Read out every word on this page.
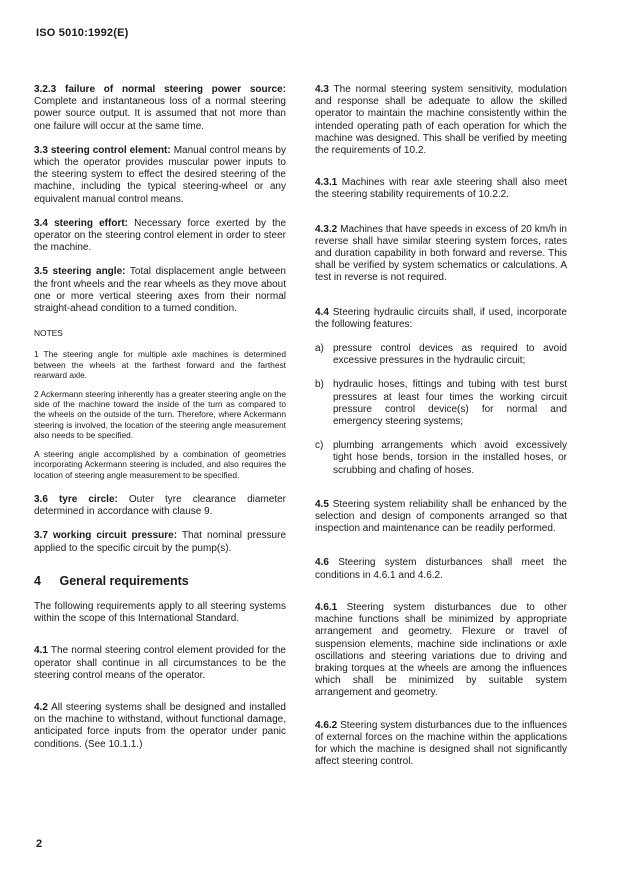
ISO 5010:1992(E)

3.2.3 failure of normal steering power source: Complete and instantaneous loss of a normal steering power source output. It is assumed that not more than one failure will occur at the same time.

3.3 steering control element: Manual control means by which the operator provides muscular power inputs to the steering system to effect the desired steering of the machine, including the typical steering-wheel or any equivalent manual control means.

3.4 steering effort: Necessary force exerted by the operator on the steering control element in order to steer the machine.

3.5 steering angle: Total displacement angle between the front wheels and the rear wheels as they move about one or more vertical steering axes from their normal straight-ahead condition to a turned condition.

NOTES

1 The steering angle for multiple axle machines is determined between the wheels at the farthest forward and the farthest rearward axle.

2 Ackermann steering inherently has a greater steering angle on the side of the machine toward the inside of the turn as compared to the wheels on the outside of the turn. Therefore, where Ackermann steering is involved, the location of the steering angle measurement also needs to be specified.

A steering angle accomplished by a combination of geometries incorporating Ackermann steering is included, and also requires the location of steering angle measurement to be specified.

3.6 tyre circle: Outer tyre clearance diameter determined in accordance with clause 9.

3.7 working circuit pressure: That nominal pressure applied to the specific circuit by the pump(s).

4 General requirements

The following requirements apply to all steering systems within the scope of this International Standard.

4.1 The normal steering control element provided for the operator shall continue in all circumstances to be the steering control means of the operator.

4.2 All steering systems shall be designed and installed on the machine to withstand, without functional damage, anticipated force inputs from the operator under panic conditions. (See 10.1.1.)

4.3 The normal steering system sensitivity, modulation and response shall be adequate to allow the skilled operator to maintain the machine consistently within the intended operating path of each operation for which the machine was designed. This shall be verified by meeting the requirements of 10.2.

4.3.1 Machines with rear axle steering shall also meet the steering stability requirements of 10.2.2.

4.3.2 Machines that have speeds in excess of 20 km/h in reverse shall have similar steering system forces, rates and duration capability in both forward and reverse. This shall be verified by system schematics or calculations. A test in reverse is not required.

4.4 Steering hydraulic circuits shall, if used, incorporate the following features:

a) pressure control devices as required to avoid excessive pressures in the hydraulic circuit;
b) hydraulic hoses, fittings and tubing with test burst pressures at least four times the working circuit pressure control device(s) for normal and emergency steering systems;
c) plumbing arrangements which avoid excessively tight hose bends, torsion in the installed hoses, or scrubbing and chafing of hoses.

4.5 Steering system reliability shall be enhanced by the selection and design of components arranged so that inspection and maintenance can be readily performed.

4.6 Steering system disturbances shall meet the conditions in 4.6.1 and 4.6.2.

4.6.1 Steering system disturbances due to other machine functions shall be minimized by appropriate arrangement and geometry. Flexure or travel of suspension elements, machine side inclinations or axle oscillations and steering variations due to driving and braking torques at the wheels are among the influences which shall be minimized by suitable system arrangement and geometry.

4.6.2 Steering system disturbances due to the influences of external forces on the machine within the applications for which the machine is designed shall not significantly affect steering control.

2
